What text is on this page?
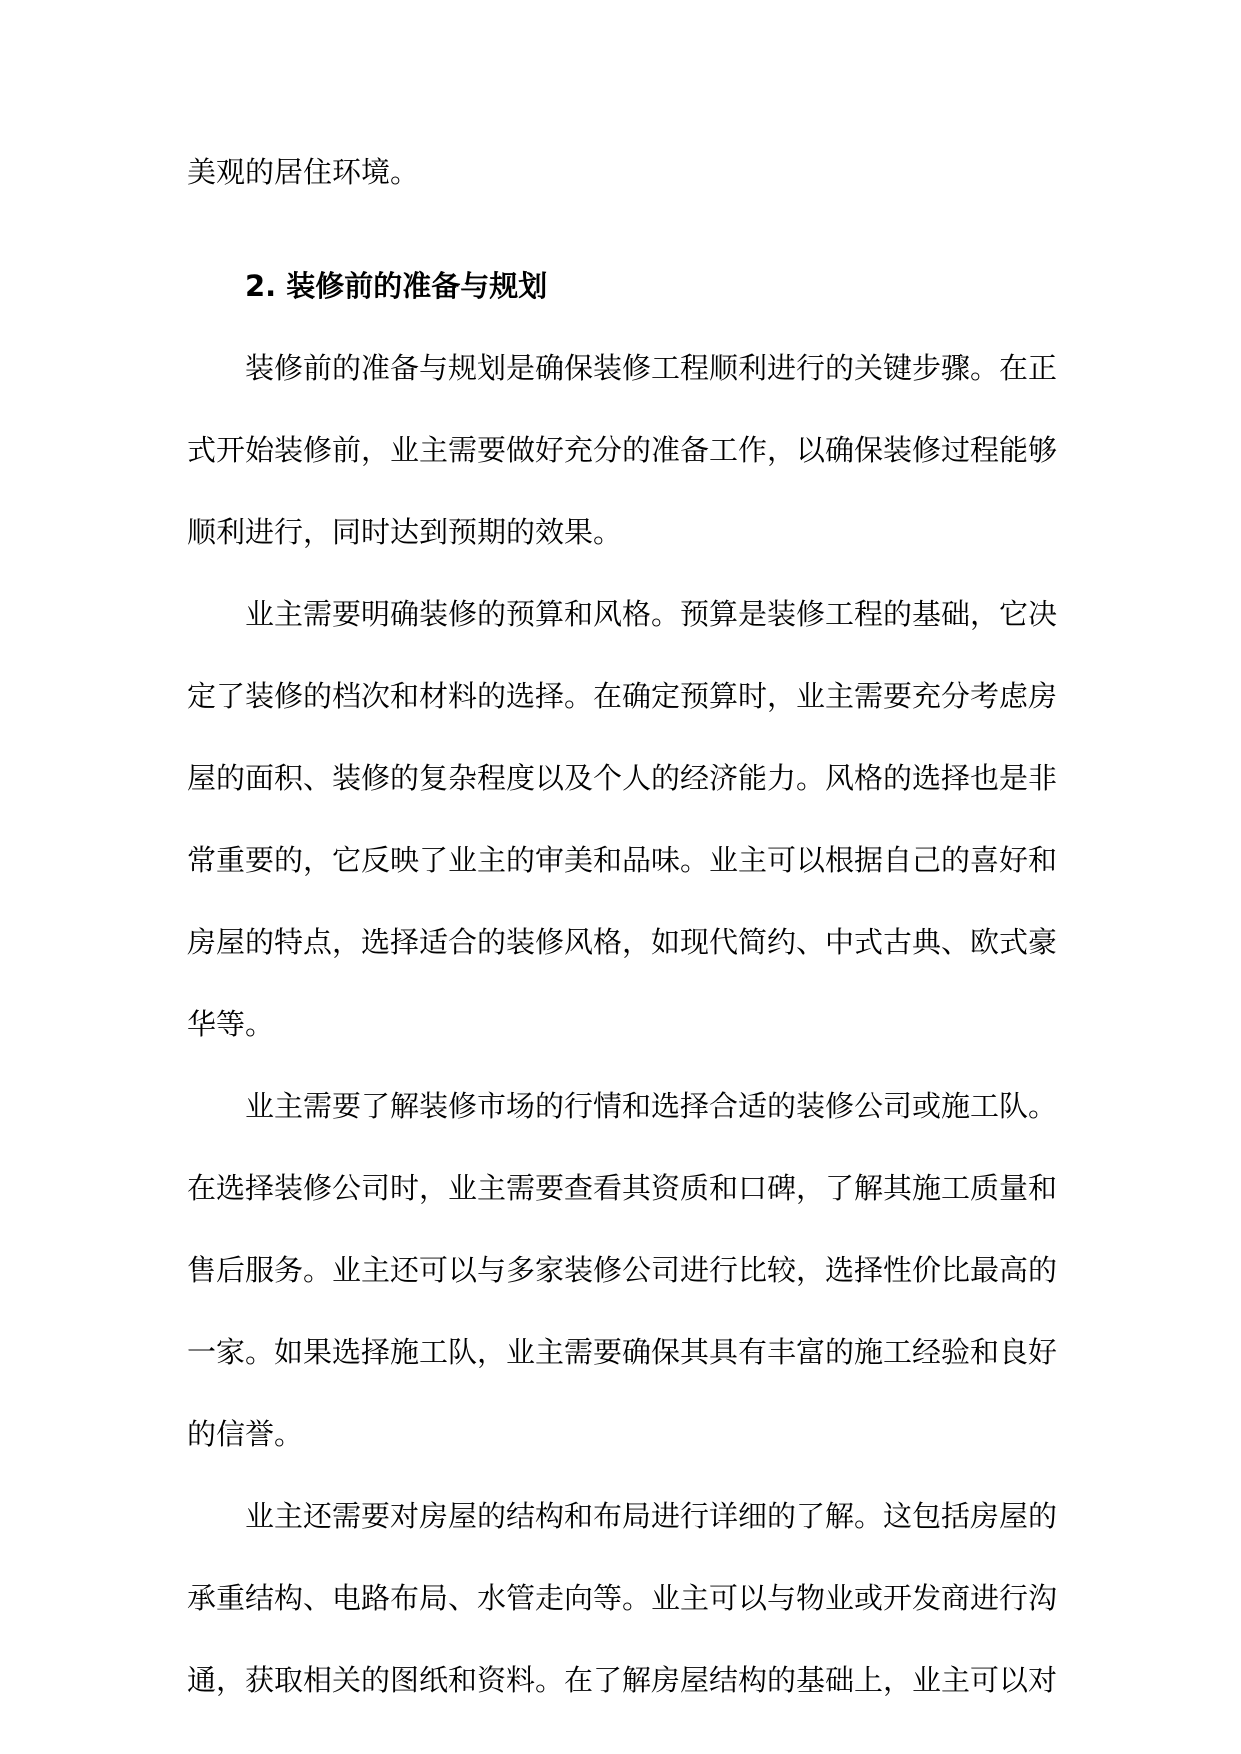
美观的居住环境。
2. 装修前的准备与规划
装修前的准备与规划是确保装修工程顺利进行的关键步骤。在正
式开始装修前，业主需要做好充分的准备工作，以确保装修过程能够
顺利进行，同时达到预期的效果。
业主需要明确装修的预算和风格。预算是装修工程的基础，它决
定了装修的档次和材料的选择。在确定预算时，业主需要充分考虑房
屋的面积、装修的复杂程度以及个人的经济能力。风格的选择也是非
常重要的，它反映了业主的审美和品味。业主可以根据自己的喜好和
房屋的特点，选择适合的装修风格，如现代简约、中式古典、欧式豪
华等。
业主需要了解装修市场的行情和选择合适的装修公司或施工队。
在选择装修公司时，业主需要查看其资质和口碑，了解其施工质量和
售后服务。业主还可以与多家装修公司进行比较，选择性价比最高的
一家。如果选择施工队，业主需要确保其具有丰富的施工经验和良好
的信誉。
业主还需要对房屋的结构和布局进行详细的了解。这包括房屋的
承重结构、电路布局、水管走向等。业主可以与物业或开发商进行沟
通，获取相关的图纸和资料。在了解房屋结构的基础上，业主可以对
